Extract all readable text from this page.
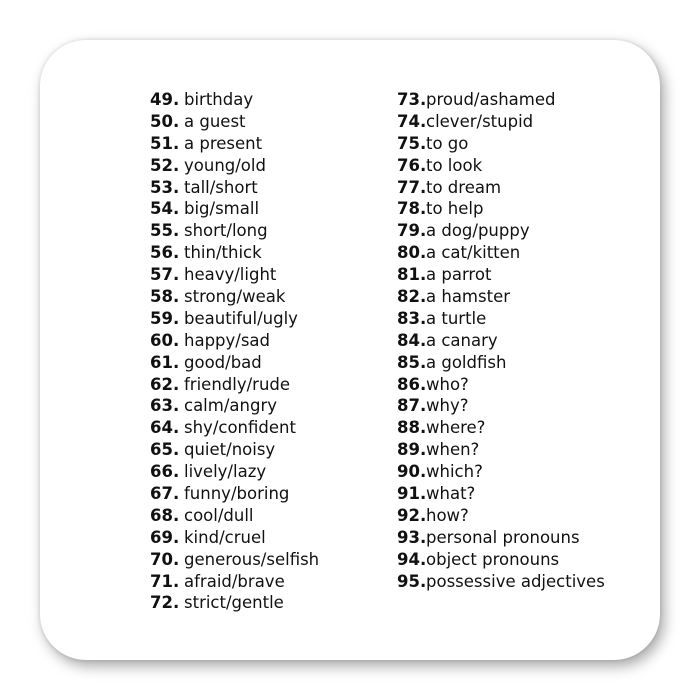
49. birthday
50. a guest
51. a present
52. young/old
53. tall/short
54. big/small
55. short/long
56. thin/thick
57. heavy/light
58. strong/weak
59. beautiful/ugly
60. happy/sad
61. good/bad
62. friendly/rude
63. calm/angry
64. shy/confident
65. quiet/noisy
66. lively/lazy
67. funny/boring
68. cool/dull
69. kind/cruel
70. generous/selfish
71. afraid/brave
72. strict/gentle
73.proud/ashamed
74.clever/stupid
75.to go
76.to look
77.to dream
78.to help
79.a dog/puppy
80.a cat/kitten
81.a parrot
82.a hamster
83.a turtle
84.a canary
85.a goldfish
86.who?
87.why?
88.where?
89.when?
90.which?
91.what?
92.how?
93.personal pronouns
94.object pronouns
95.possessive adjectives
